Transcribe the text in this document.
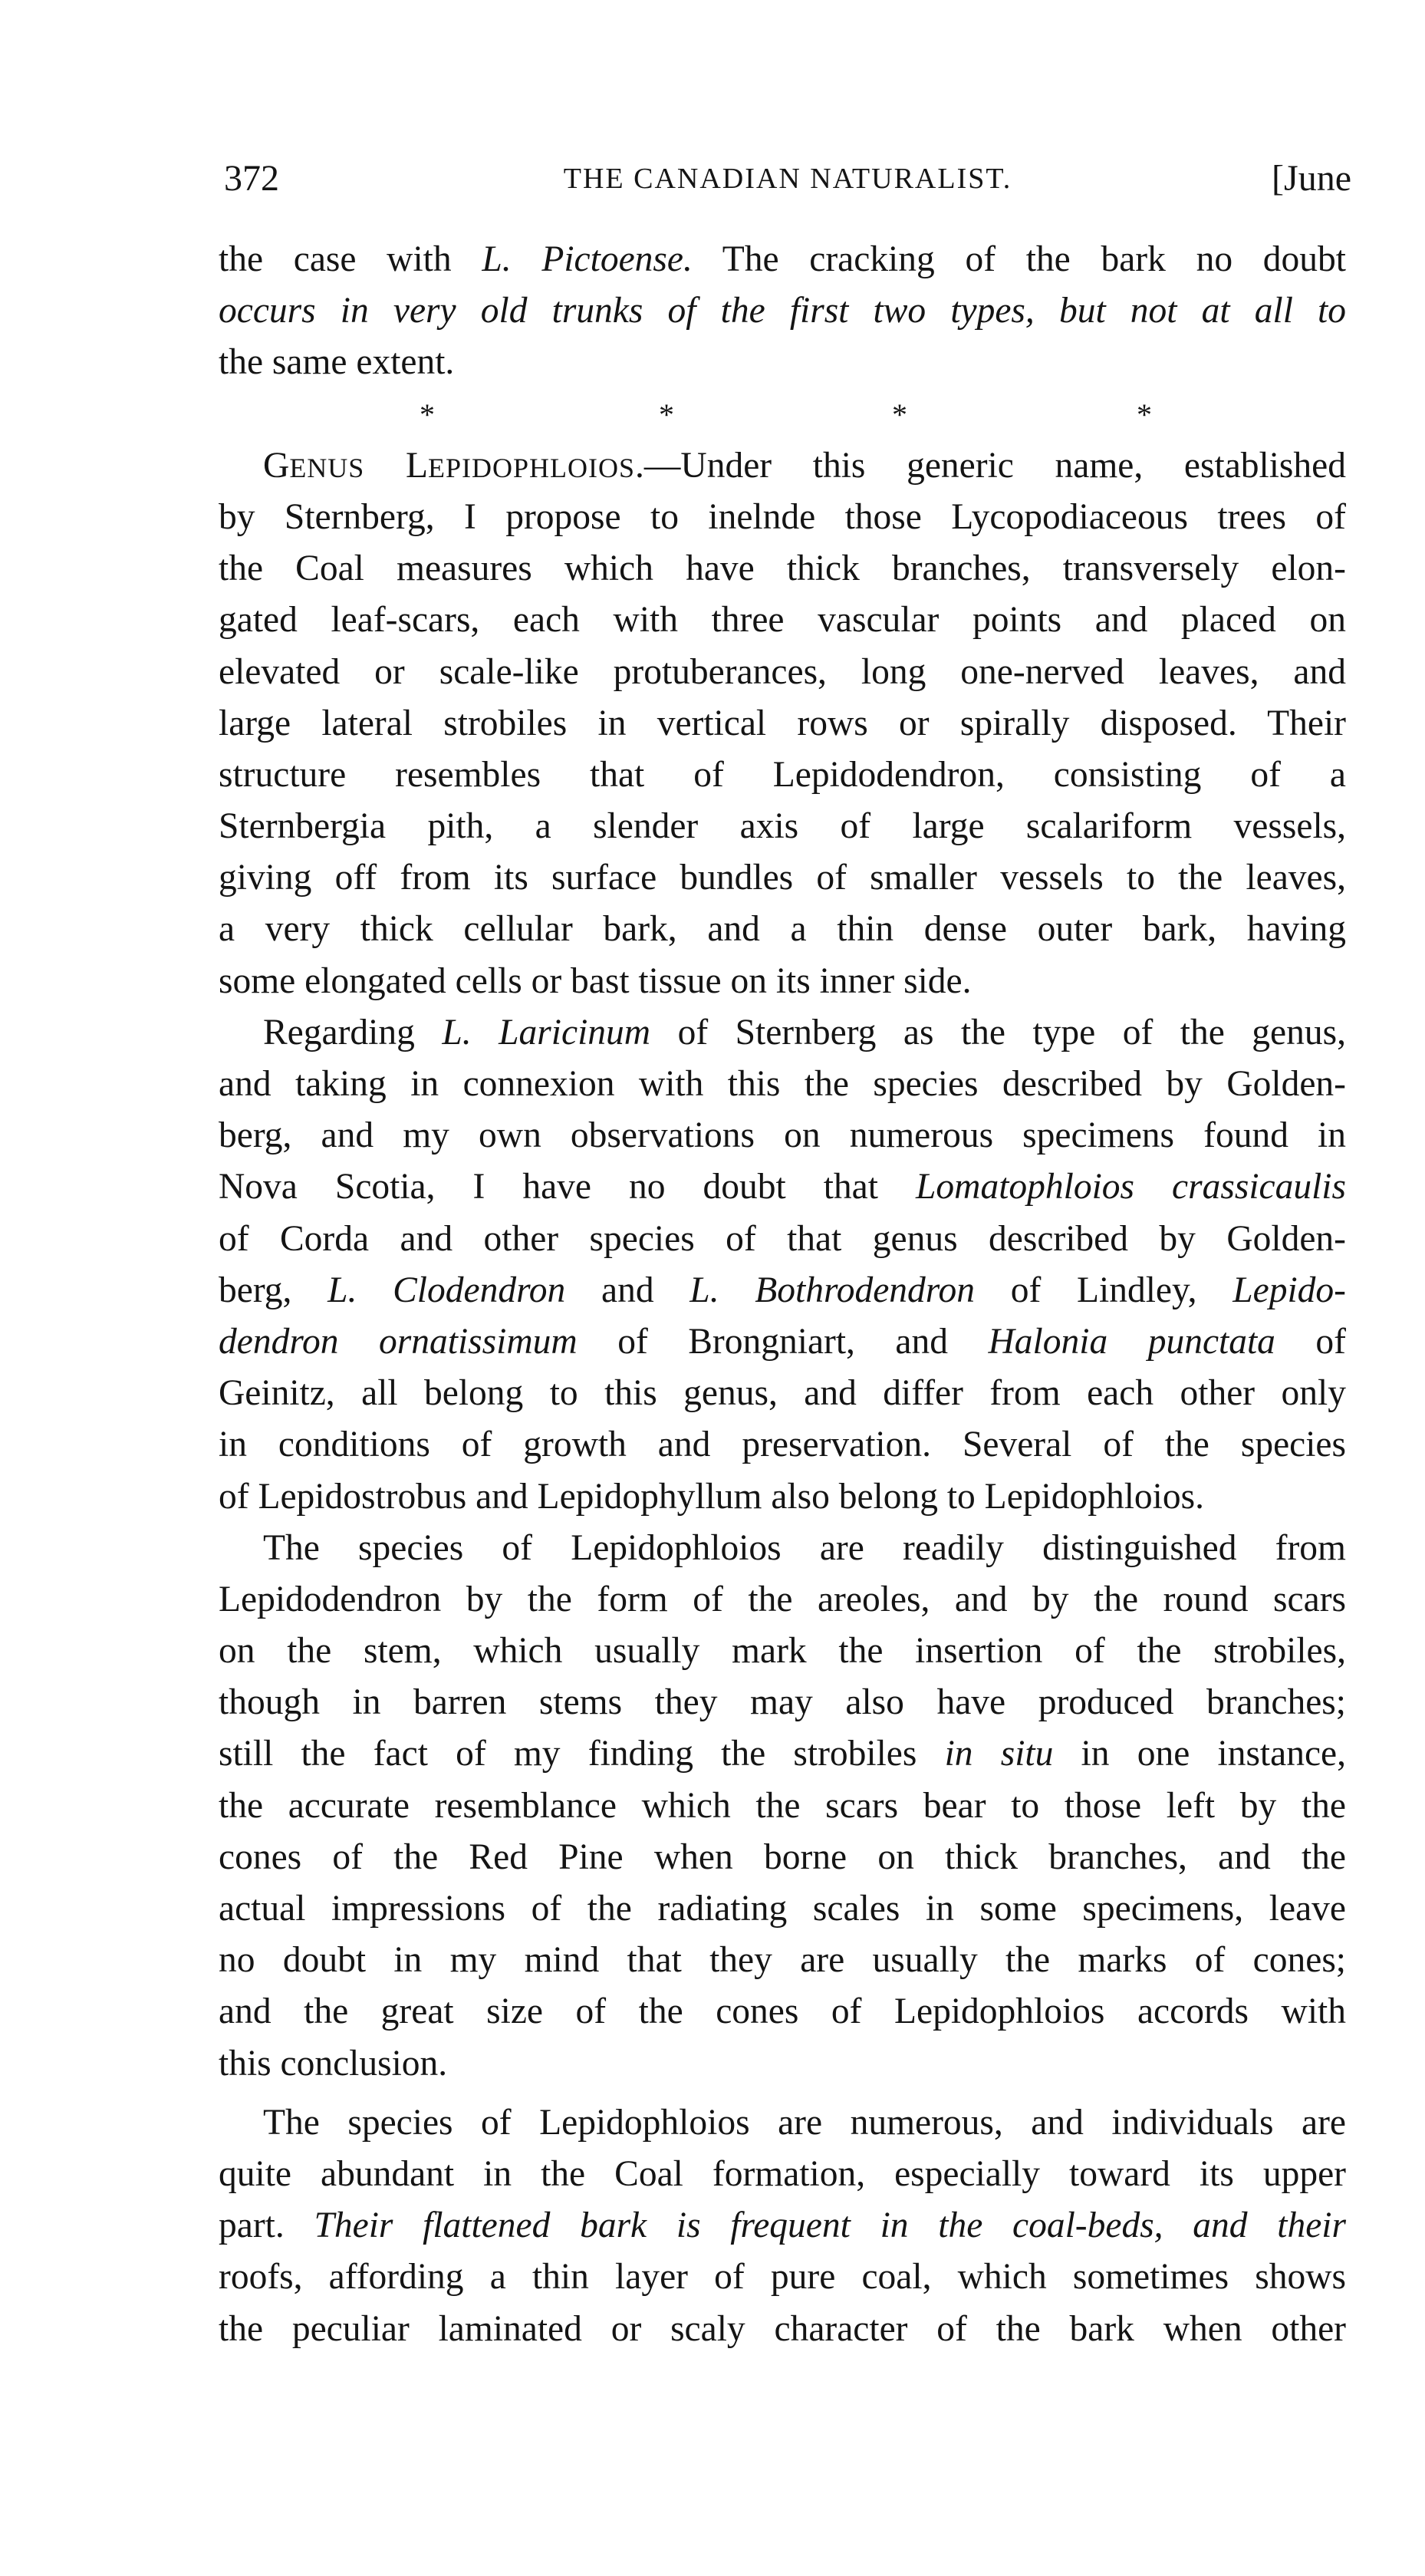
372	THE CANADIAN NATURALIST.	[June
the case with L. Pictoense. The cracking of the bark no doubt
occurs in very old trunks of the first two types, but not at all to
the same extent.
*	*	*	*
GENUS LEPIDOPHLOIOS.—Under this generic name, established
by Sternberg, I propose to inelnde those Lycopodiaceous trees of
the Coal measures which have thick branches, transversely elon-
gated leaf-scars, each with three vascular points and placed on
elevated or scale-like protuberances, long one-nerved leaves, and
large lateral strobiles in vertical rows or spirally disposed. Their
structure resembles that of Lepidodendron, consisting of a
Sternbergia pith, a slender axis of large scalariform vessels,
giving off from its surface bundles of smaller vessels to the leaves,
a very thick cellular bark, and a thin dense outer bark, having
some elongated cells or bast tissue on its inner side.
Regarding L. Laricinum of Sternberg as the type of the genus,
and taking in connexion with this the species described by Golden-
berg, and my own observations on numerous specimens found in
Nova Scotia, I have no doubt that Lomatophloios crassicaulis
of Corda and other species of that genus described by Golden-
berg, L. Clodendron and L. Bothrodendron of Lindley, Lepido-
dendron ornatissimum of Brongniart, and Halonia punctata of
Geinitz, all belong to this genus, and differ from each other only
in conditions of growth and preservation. Several of the species
of Lepidostrobus and Lepidophyllum also belong to Lepidophloios.
The species of Lepidophloios are readily distinguished from
Lepidodendron by the form of the areoles, and by the round scars
on the stem, which usually mark the insertion of the strobiles,
though in barren stems they may also have produced branches;
still the fact of my finding the strobiles in situ in one instance,
the accurate resemblance which the scars bear to those left by the
cones of the Red Pine when borne on thick branches, and the
actual impressions of the radiating scales in some specimens, leave
no doubt in my mind that they are usually the marks of cones;
and the great size of the cones of Lepidophloios accords with
this conclusion.
The species of Lepidophloios are numerous, and individuals are
quite abundant in the Coal formation, especially toward its upper
part. Their flattened bark is frequent in the coal-beds, and their
roofs, affording a thin layer of pure coal, which sometimes shows
the peculiar laminated or scaly character of the bark when other
